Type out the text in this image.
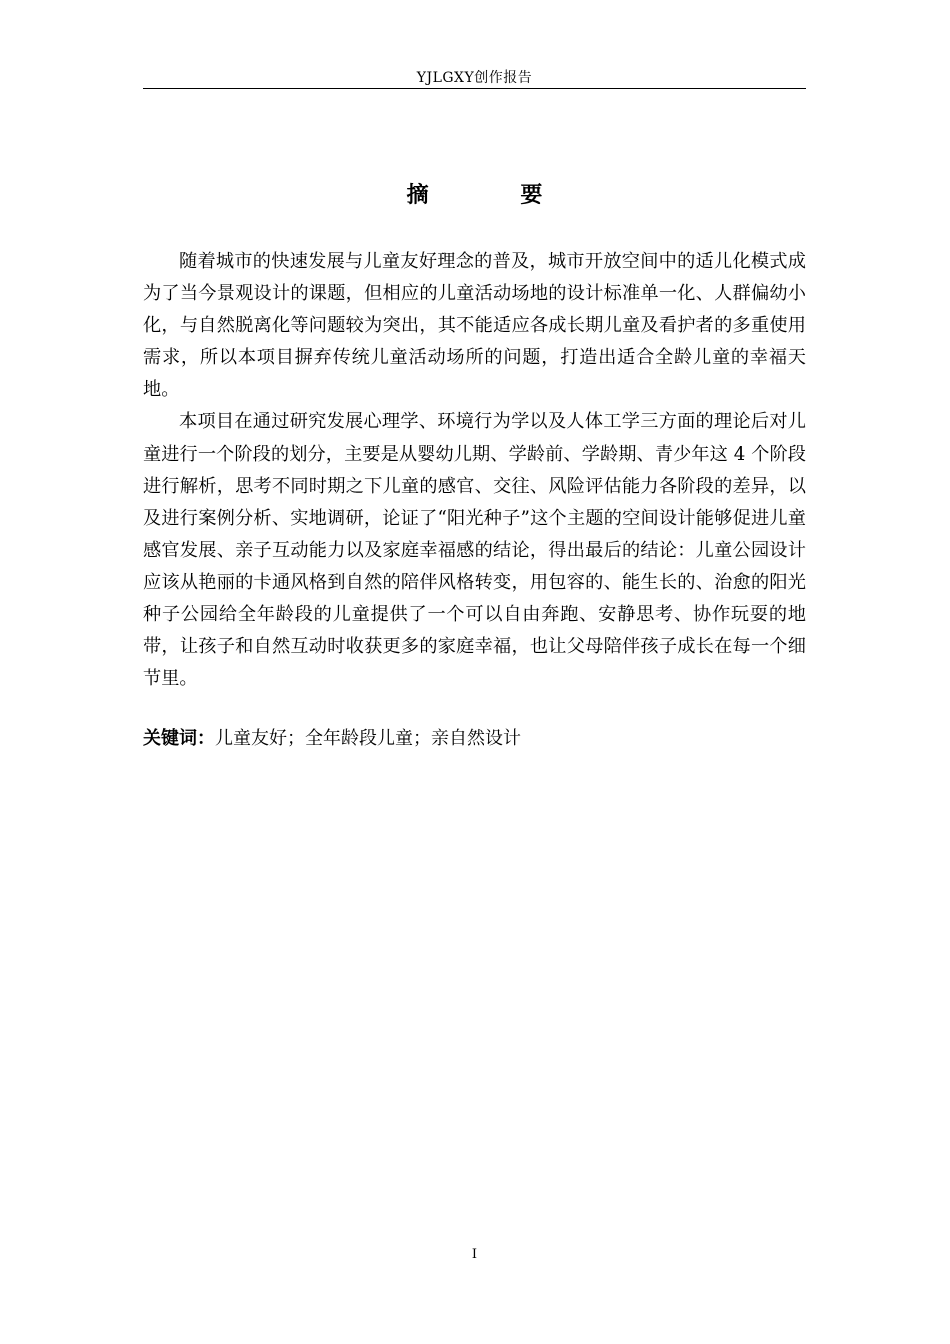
YJLGXY创作报告
摘 要

随着城市的快速发展与儿童友好理念的普及，城市开放空间中的适儿化模式成为了当今景观设计的课题，但相应的儿童活动场地的设计标准单一化、人群偏幼小化，与自然脱离化等问题较为突出，其不能适应各成长期儿童及看护者的多重使用需求，所以本项目摒弃传统儿童活动场所的问题，打造出适合全龄儿童的幸福天地。

本项目在通过研究发展心理学、环境行为学以及人体工学三方面的理论后对儿童进行一个阶段的划分，主要是从婴幼儿期、学龄前、学龄期、青少年这 4 个阶段进行解析，思考不同时期之下儿童的感官、交往、风险评估能力各阶段的差异，以及进行案例分析、实地调研，论证了“阳光种子”这个主题的空间设计能够促进儿童感官发展、亲子互动能力以及家庭幸福感的结论，得出最后的结论：儿童公园设计应该从艳丽的卡通风格到自然的陪伴风格转变，用包容的、能生长的、治愈的阳光种子公园给全年龄段的儿童提供了一个可以自由奔跑、安静思考、协作玩耍的地带，让孩子和自然互动时收获更多的家庭幸福，也让父母陪伴孩子成长在每一个细节里。

关键词：儿童友好；全年龄段儿童；亲自然设计
I
